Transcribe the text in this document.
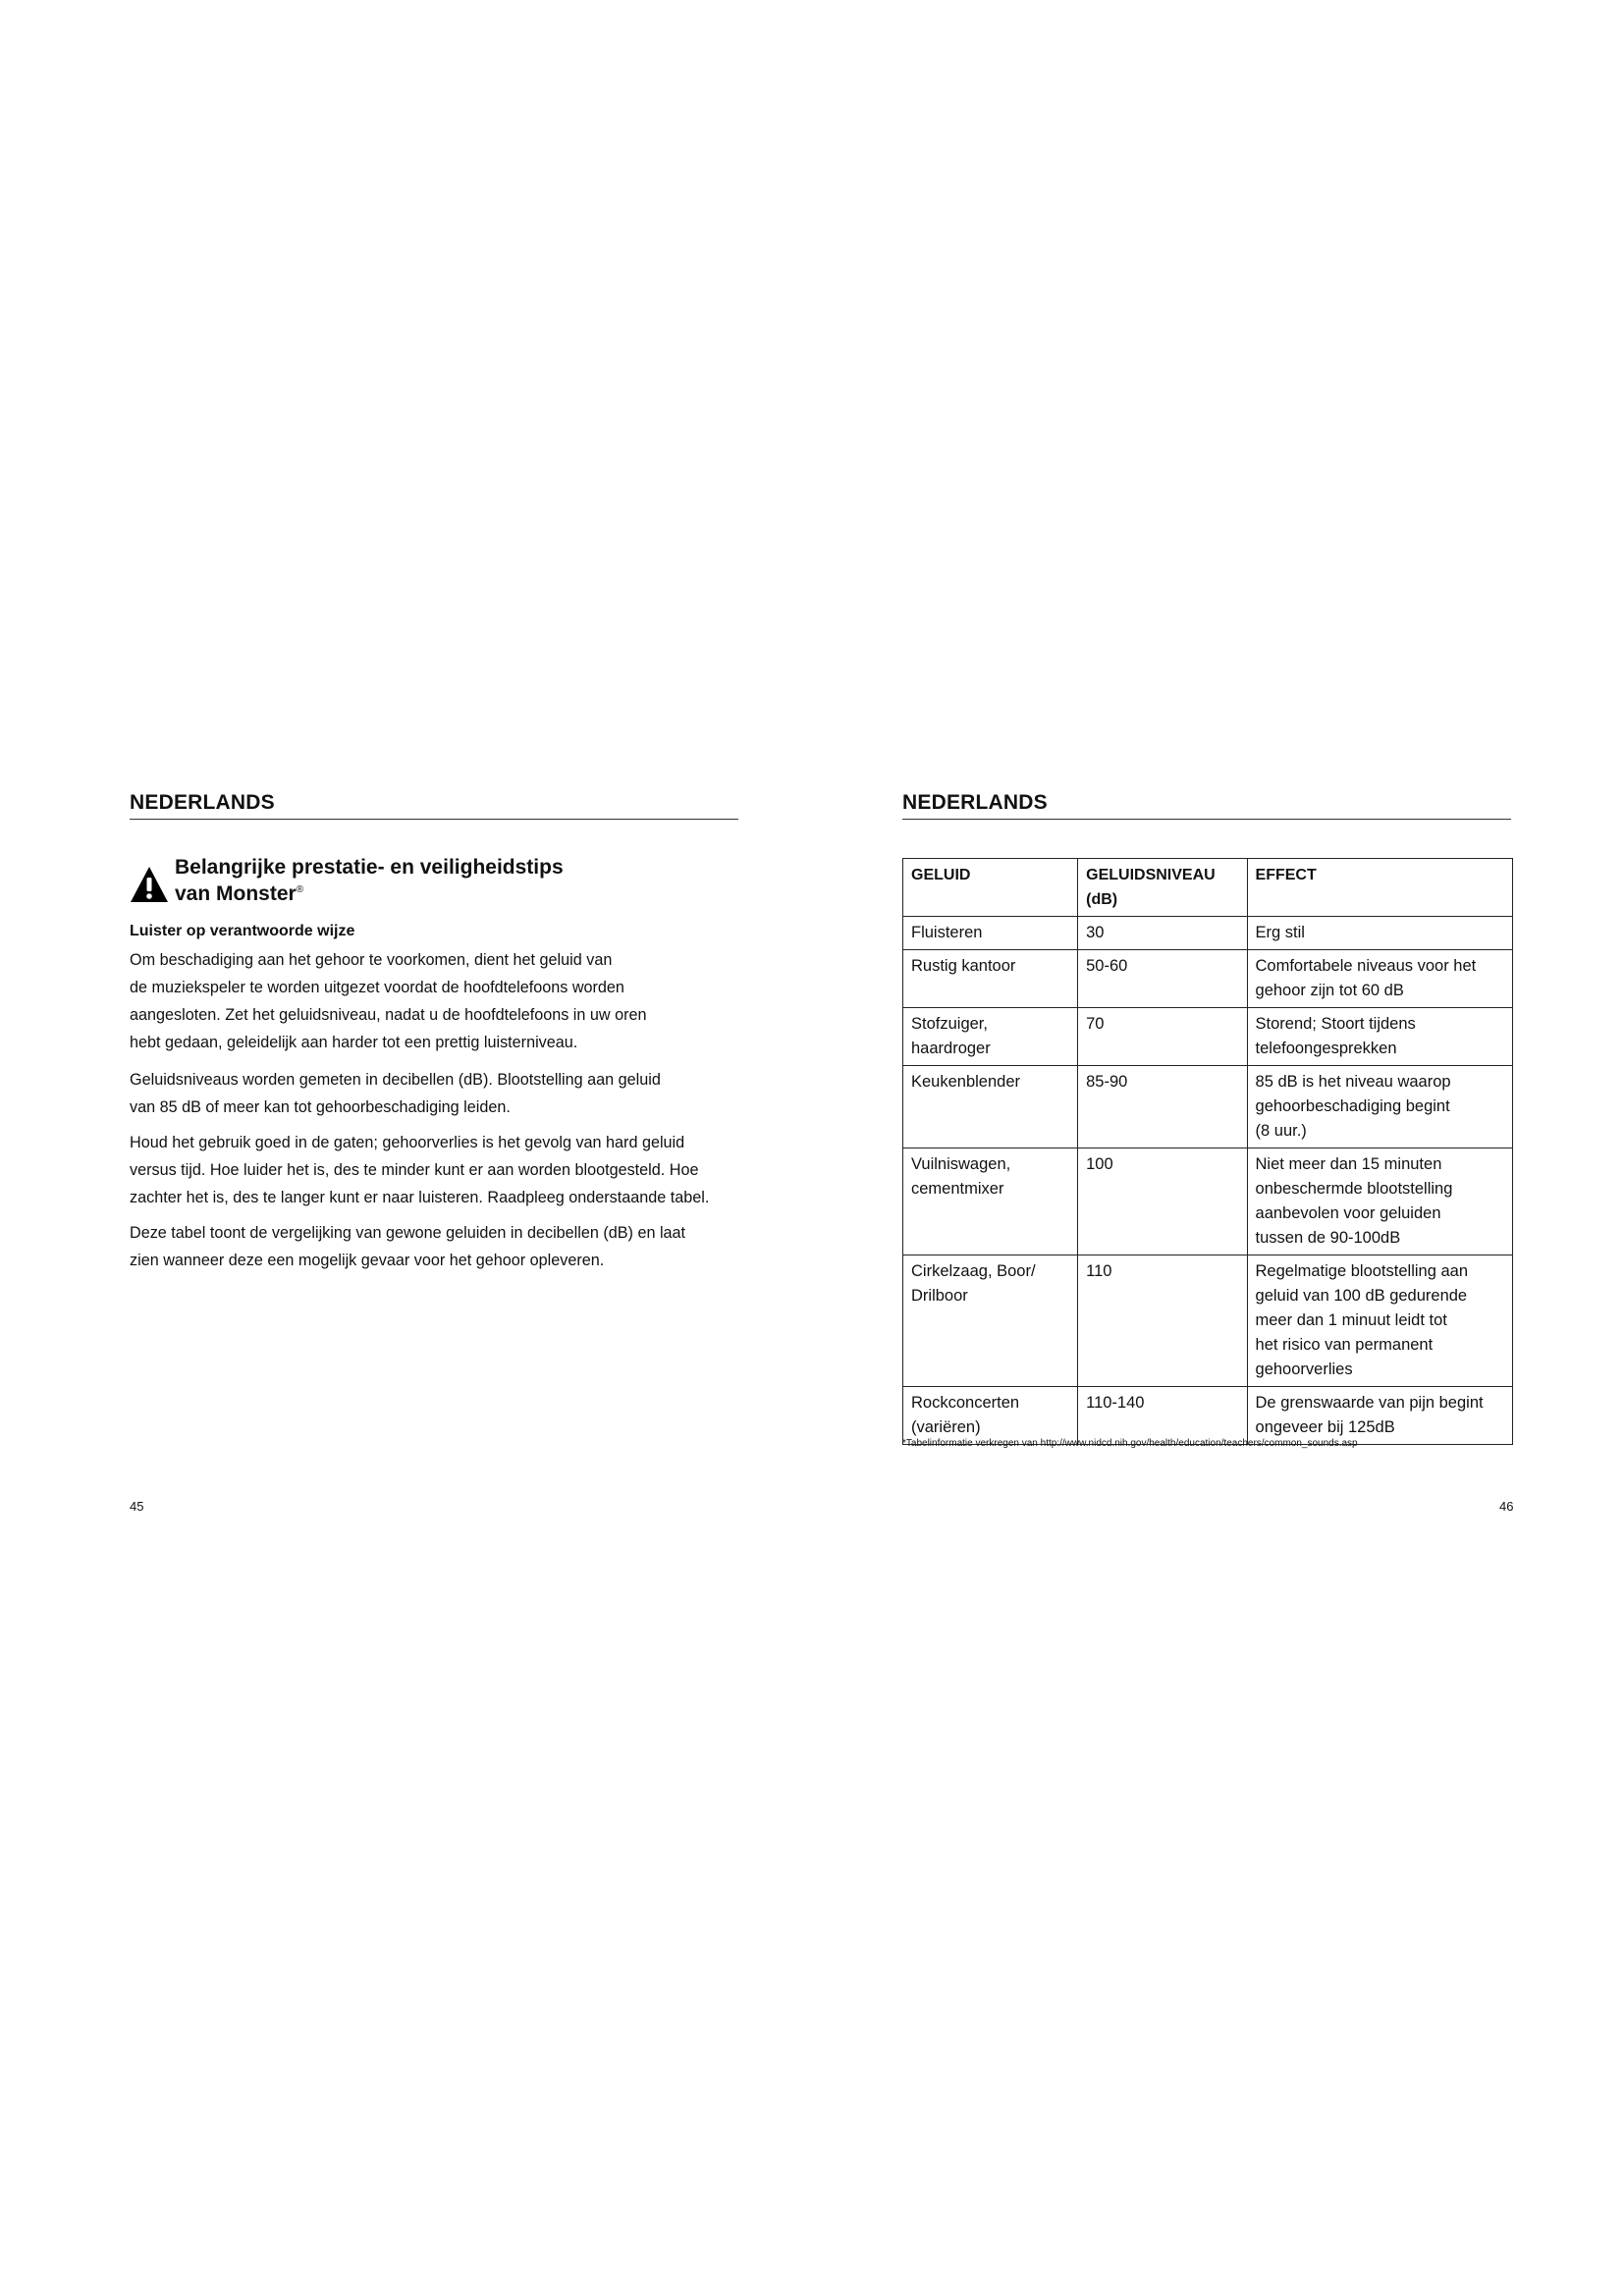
NEDERLANDS
Belangrijke prestatie- en veiligheidstips
van Monster®
Luister op verantwoorde wijze
Om beschadiging aan het gehoor te voorkomen, dient het geluid van
de muziekspeler te worden uitgezet voordat de hoofdtelefoons worden
aangesloten. Zet het geluidsniveau, nadat u de hoofdtelefoons in uw oren
hebt gedaan, geleidelijk aan harder tot een prettig luisterniveau.
Geluidsniveaus worden gemeten in decibellen (dB). Blootstelling aan geluid
van 85 dB of meer kan tot gehoorbeschadiging leiden.
Houd het gebruik goed in de gaten; gehoorverlies is het gevolg van hard geluid
versus tijd. Hoe luider het is, des te minder kunt er aan worden blootgesteld. Hoe
zachter het is, des te langer kunt er naar luisteren. Raadpleeg onderstaande tabel.
Deze tabel toont de vergelijking van gewone geluiden in decibellen (dB) en laat
zien wanneer deze een mogelijk gevaar voor het gehoor opleveren.
45
NEDERLANDS
GELUID	GELUIDSNIVEAU (dB)	EFFECT

Fluisteren	30	Erg stil

Rustig kantoor	50-60	Comfortabele niveaus voor het
gehoor zijn tot 60 dB

Stofzuiger,
haardroger	70	Storend; Stoort tijdens
telefoongesprekken

Keukenblender	85-90	85 dB is het niveau waarop
gehoorbeschadiging begint
(8 uur.)

Vuilniswagen,
cementmixer	100	Niet meer dan 15 minuten
onbeschermde blootstelling
aanbevolen voor geluiden
tussen de 90-100dB

Cirkelzaag, Boor/
Drilboor	110	Regelmatige blootstelling aan
geluid van 100 dB gedurende
meer dan 1 minuut leidt tot
het risico van permanent
gehoorverlies

Rockconcerten
(variëren)	110-140	De grenswaarde van pijn begint
ongeveer bij 125dB
*Tabelinformatie verkregen van http://www.nidcd.nih.gov/health/education/teachers/common_sounds.asp
46
